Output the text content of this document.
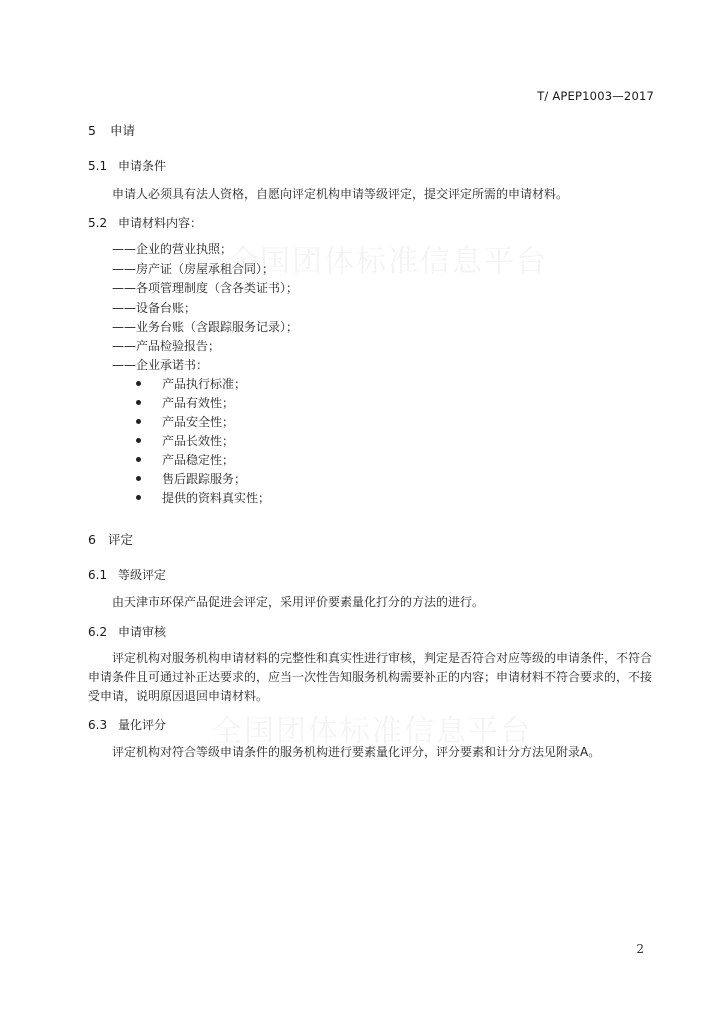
T/ APEP1003—2017
5 申请
5.1 申请条件
申请人必须具有法人资格，自愿向评定机构申请等级评定，提交评定所需的申请材料。
5.2 申请材料内容：
——企业的营业执照；
——房产证（房屋承租合同）；
——各项管理制度（含各类证书）；
——设备台账；
——业务台账（含跟踪服务记录）；
——产品检验报告；
——企业承诺书：
产品执行标准；
产品有效性；
产品安全性；
产品长效性；
产品稳定性；
售后跟踪服务；
提供的资料真实性；
6 评定
6.1 等级评定
由天津市环保产品促进会评定，采用评价要素量化打分的方法的进行。
6.2 申请审核
评定机构对服务机构申请材料的完整性和真实性进行审核，判定是否符合对应等级的申请条件，不符合申请条件且可通过补正达要求的，应当一次性告知服务机构需要补正的内容；申请材料不符合要求的，不接受申请，说明原因退回申请材料。
6.3 量化评分
评定机构对符合等级申请条件的服务机构进行要素量化评分，评分要素和计分方法见附录A。
2
